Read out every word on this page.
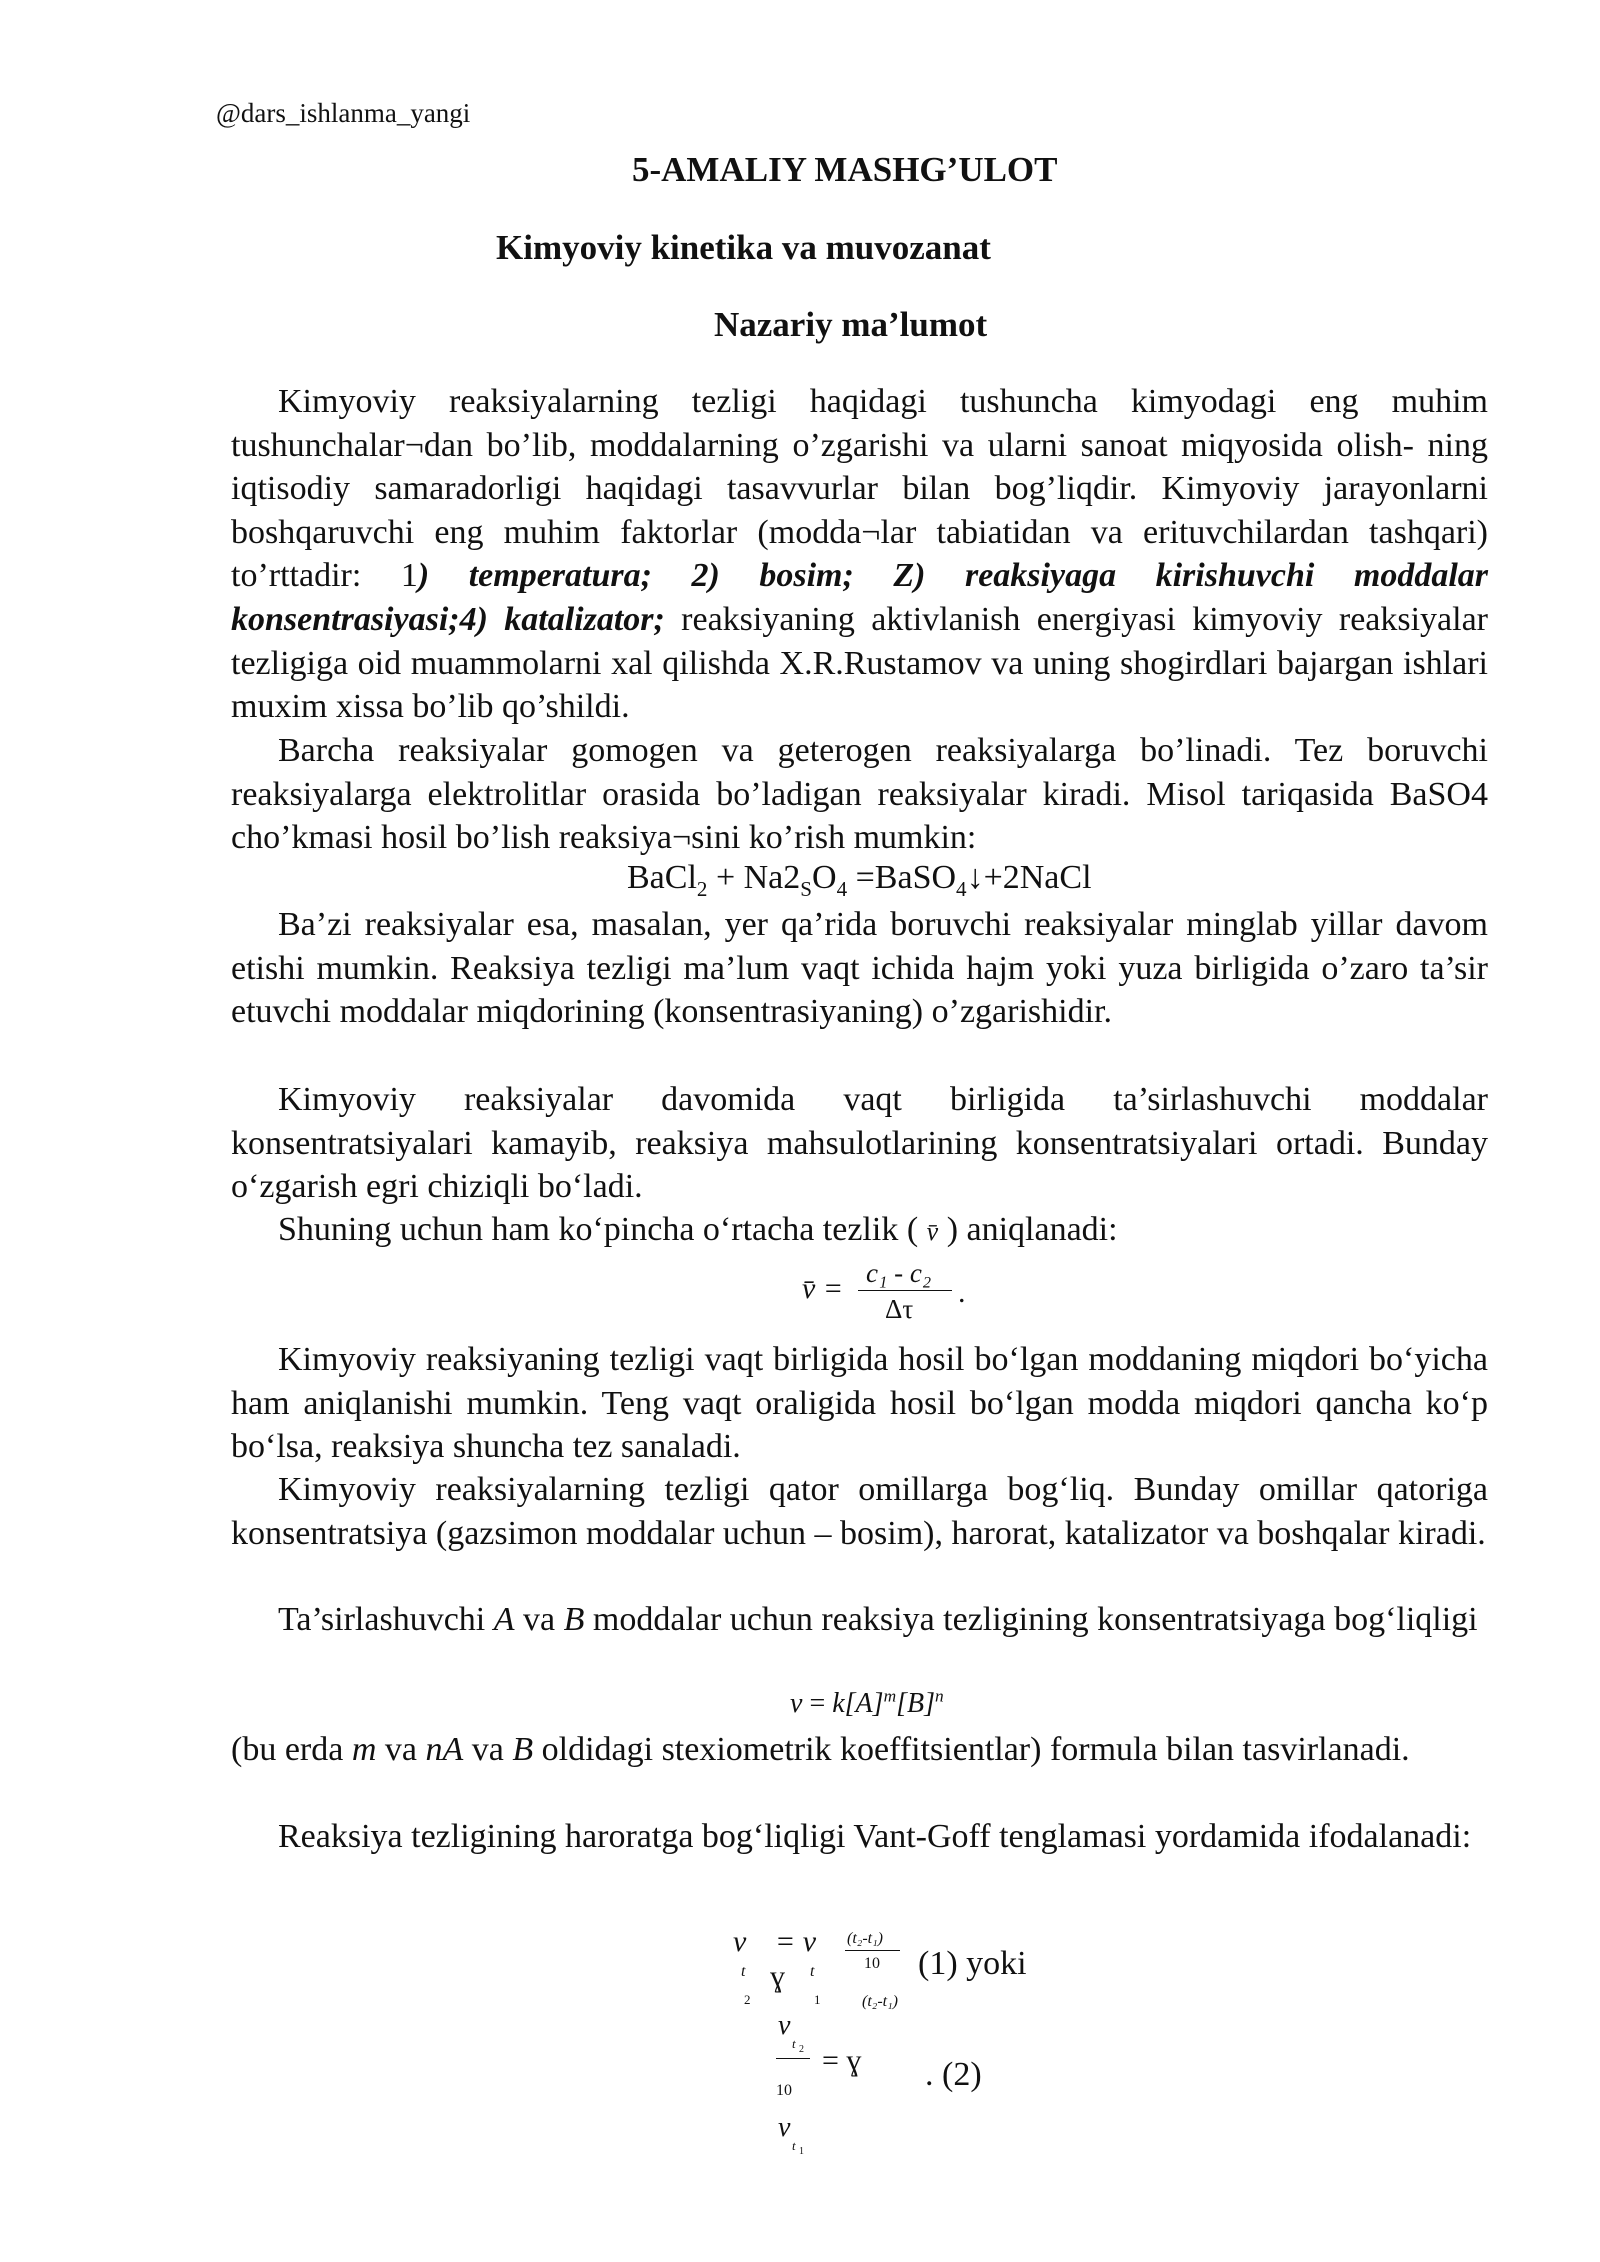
@dars_ishlanma_yangi
5-AMALIY MASHG’ULOT
Kimyoviy kinetika va muvozanat
Nazariy ma’lumot

Kimyoviy reaksiyalarning tezligi haqidagi tushuncha kimyodagi eng muhim tushunchalar¬dan bo’lib, moddalarning o’zgarishi va ularni sanoat miqyosida olish- ning iqtisodiy samaradorligi haqidagi tasavvurlar bilan bog’liqdir. Kimyoviy jarayonlarni boshqaruvchi eng muhim faktorlar (modda¬lar tabiatidan va erituvchilardan tashqari) to’rttadir: 1) temperatura; 2) bosim; Z) reaksiyaga kirishuvchi moddalar konsentrasiyasi;4) katalizator; reaksiyaning aktivlanish energiyasi kimyoviy reaksiyalar tezligiga oid muammolarni xal qilishda X.R.Rustamov va uning shogirdlari bajargan ishlari muxim xissa bo’lib qo’shildi.

Barcha reaksiyalar gomogen va geterogen reaksiyalarga bo’linadi. Tez boruvchi reaksiyalarga elektrolitlar orasida bo’ladigan reaksiyalar kiradi. Misol tariqasida BaSO4 cho’kmasi hosil bo’lish reaksiya¬sini ko’rish mumkin:

BaCl$_2$ + $Na2_SO_4$ =BaSO$_4$↓+2NaCl

Ba’zi reaksiyalar esa, masalan, yer qa’rida boruvchi reaksiyalar minglab yillar davom etishi mumkin. Reaksiya tezligi ma’lum vaqt ichida hajm yoki yuza birligida o’zaro ta’sir etuvchi moddalar miqdorining (konsentrasiyaning) o’zgarishidir.

Kimyoviy reaksiyalar davomida vaqt birligida ta’sirlashuvchi moddalar konsentratsiyalari kamayib, reaksiya mahsulotlarining konsentratsiyalari ortadi. Bunday oʻzgarish egri chiziqli boʻladi.

Shuning uchun ham koʻpincha oʻrtacha tezlik ( v̄ ) aniqlanadi:

v̄ = c₁ - c₂
Δτ .

Kimyoviy reaksiyaning tezligi vaqt birligida hosil boʻlgan moddaning miqdori boʻyicha ham aniqlanishi mumkin. Teng vaqt oraligida hosil boʻlgan modda miqdori qancha koʻp boʻlsa, reaksiya shuncha tez sanaladi.

Kimyoviy reaksiyalarning tezligi qator omillarga bogʻliq. Bunday omillar qatoriga konsentratsiya (gazsimon moddalar uchun – bosim), harorat, katalizator va boshqalar kiradi.

Ta’sirlashuvchi A va B moddalar uchun reaksiya tezligining konsentratsiyaga bogʻliqligi

$v = k[A]^m[B]^n$

(bu erda m va nA va B oldidagi stexiometrik koeffitsientlar) formula bilan tasvirlanadi.

Reaksiya tezligining haroratga bogʻliqligi Vant-Goff tenglamasi yordamida ifodalanadi:

v
t
2
= v
t
1
ɣ
(t₂-t₁)
10 (1) yoki
v
t 2 = ɣ
(t₂-t₁)
10
v
t 1
. (2)
